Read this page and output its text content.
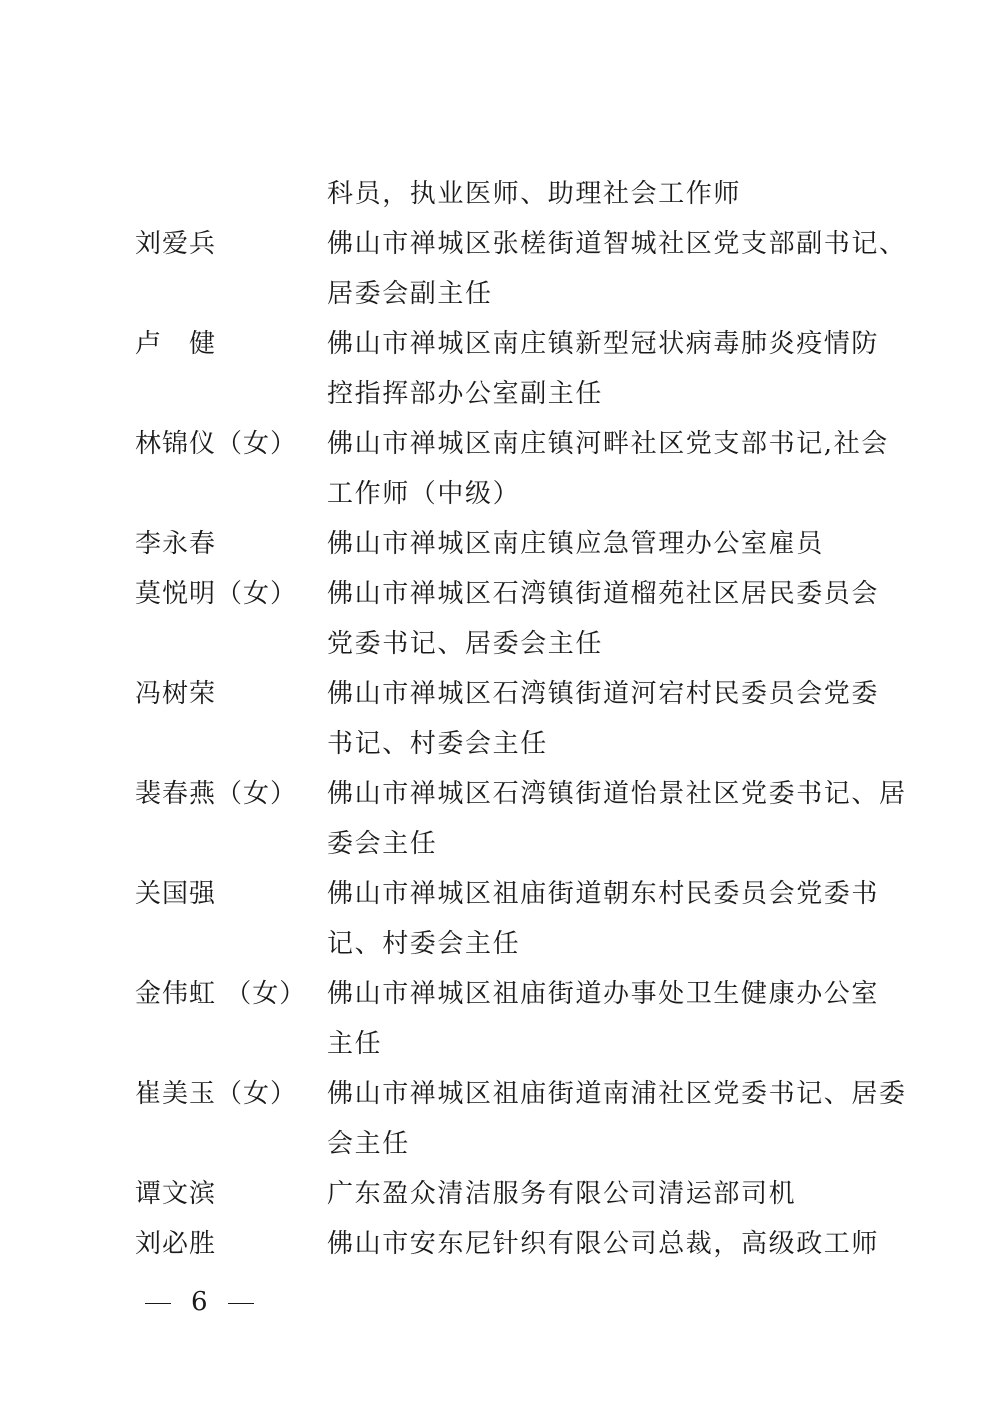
科员，执业医师、助理社会工作师
刘爱兵	佛山市禅城区张槎街道智城社区党支部副书记、
居委会副主任
卢　健	佛山市禅城区南庄镇新型冠状病毒肺炎疫情防
控指挥部办公室副主任
林锦仪（女） 佛山市禅城区南庄镇河畔社区党支部书记,社会
工作师（中级）
李永春	佛山市禅城区南庄镇应急管理办公室雇员
莫悦明（女） 佛山市禅城区石湾镇街道榴苑社区居民委员会
党委书记、居委会主任
冯树荣	佛山市禅城区石湾镇街道河宕村民委员会党委
书记、村委会主任
裴春燕（女） 佛山市禅城区石湾镇街道怡景社区党委书记、居
委会主任
关国强	佛山市禅城区祖庙街道朝东村民委员会党委书
记、村委会主任
金伟虹 （女） 佛山市禅城区祖庙街道办事处卫生健康办公室
主任
崔美玉（女） 佛山市禅城区祖庙街道南浦社区党委书记、居委
会主任
谭文滨	广东盈众清洁服务有限公司清运部司机
刘必胜	佛山市安东尼针织有限公司总裁，高级政工师
6
